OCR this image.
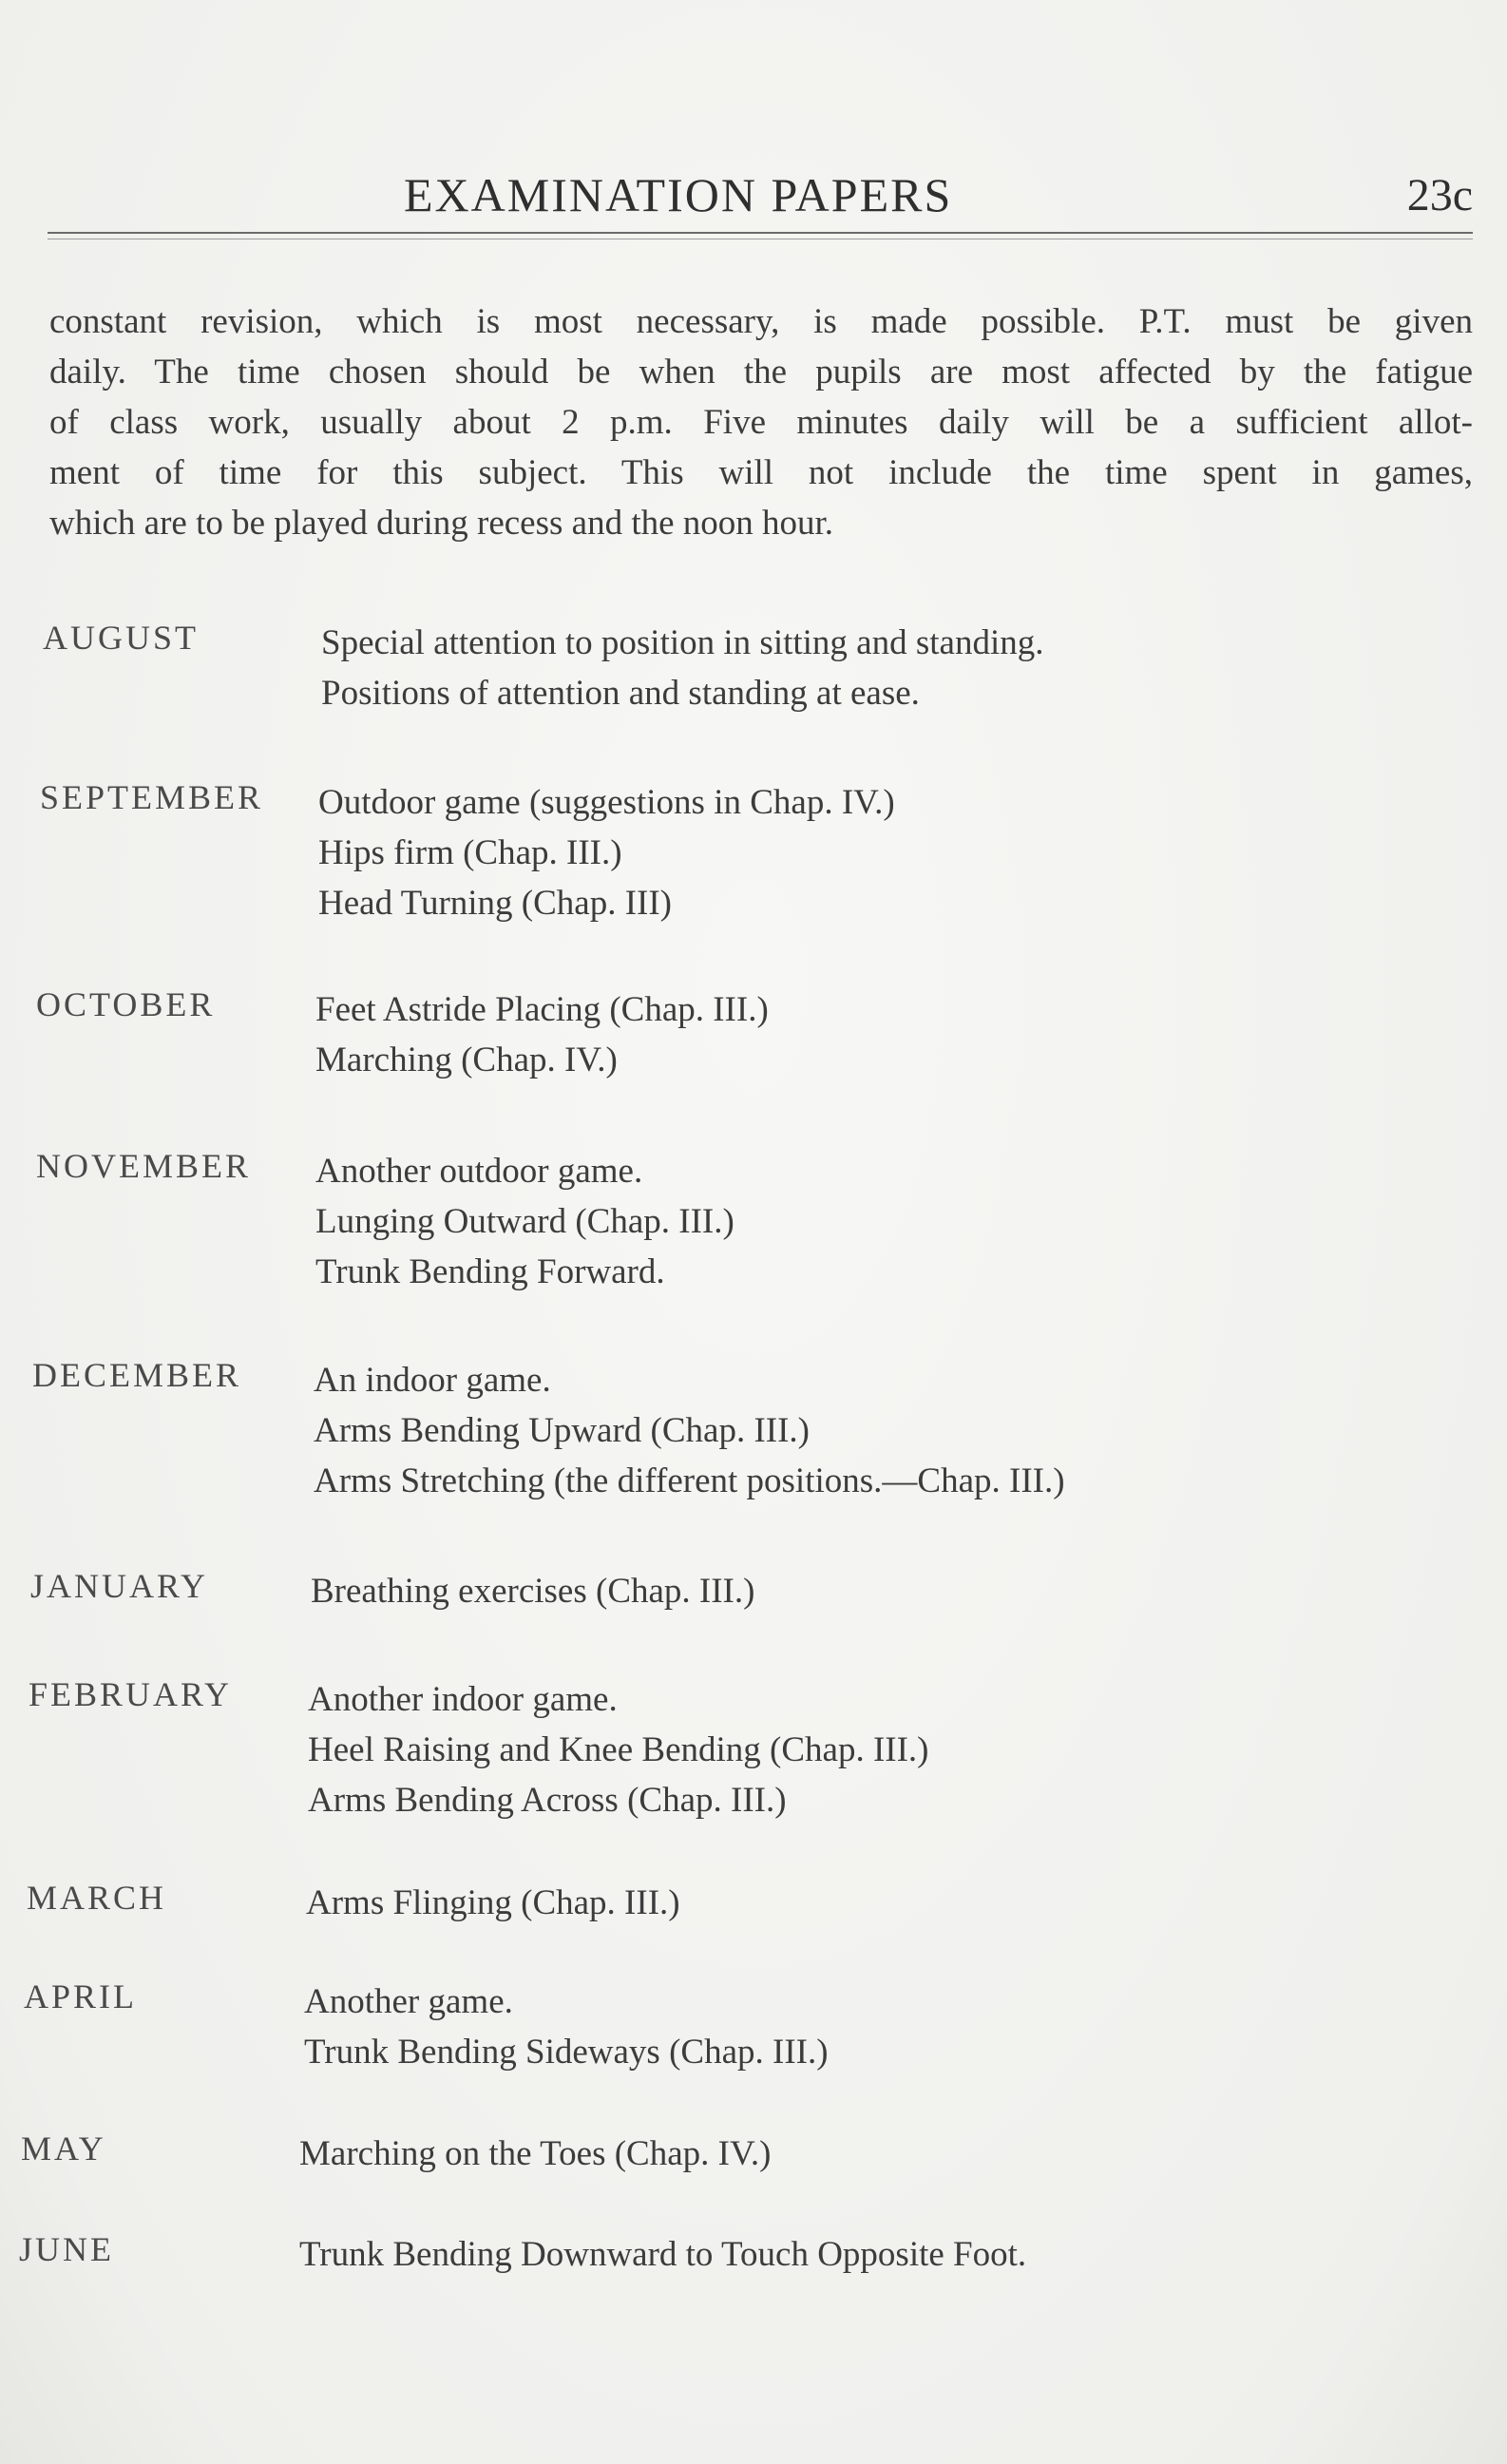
EXAMINATION PAPERS	23c
constant revision, which is most necessary, is made possible. P.T. must be given
daily. The time chosen should be when the pupils are most affected by the fatigue
of class work, usually about 2 p.m. Five minutes daily will be a sufficient allot-
ment of time for this subject. This will not include the time spent in games,
which are to be played during recess and the noon hour.
AUGUST	Special attention to position in sitting and standing.
Positions of attention and standing at ease.
SEPTEMBER Outdoor game (suggestions in Chap. IV.)
Hips firm (Chap. III.)
Head Turning (Chap. III)
OCTOBER	Feet Astride Placing (Chap. III.)
Marching (Chap. IV.)
NOVEMBER Another outdoor game.
Lunging Outward (Chap. III.)
Trunk Bending Forward.
DECEMBER An indoor game.
Arms Bending Upward (Chap. III.)
Arms Stretching (the different positions.—Chap. III.)
JANUARY	Breathing exercises (Chap. III.)
FEBRUARY Another indoor game.
Heel Raising and Knee Bending (Chap. III.)
Arms Bending Across (Chap. III.)
MARCH	Arms Flinging (Chap. III.)
APRIL	Another game.
Trunk Bending Sideways (Chap. III.)
MAY	Marching on the Toes (Chap. IV.)
JUNE	Trunk Bending Downward to Touch Opposite Foot.
